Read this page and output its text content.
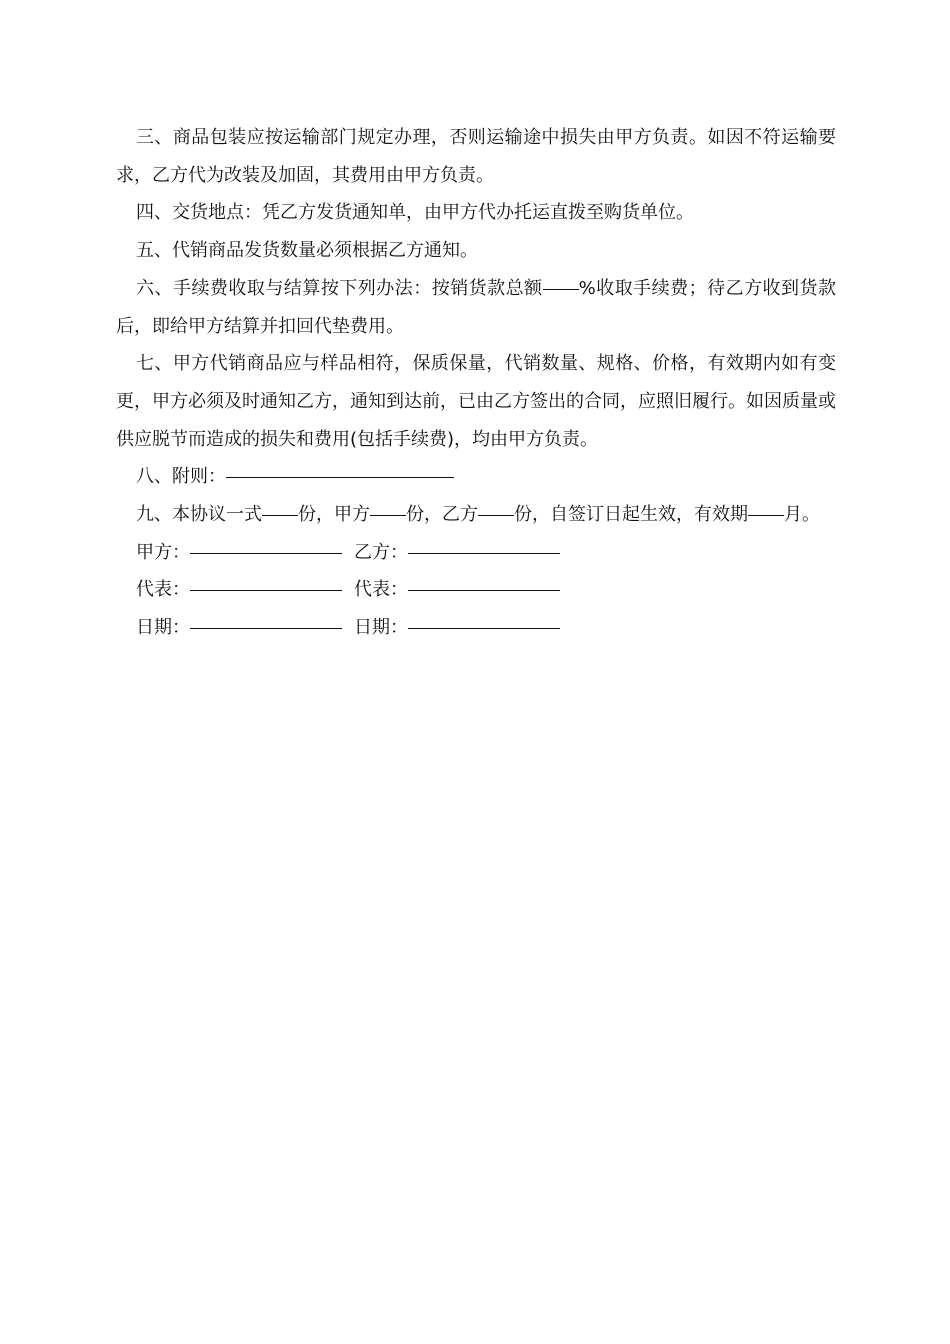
三、商品包装应按运输部门规定办理，否则运输途中损失由甲方负责。如因不符运输要求，乙方代为改装及加固，其费用由甲方负责。

四、交货地点：凭乙方发货通知单，由甲方代办托运直拨至购货单位。

五、代销商品发货数量必须根据乙方通知。

六、手续费收取与结算按下列办法：按销货款总额 %收取手续费；待乙方收到货款后，即给甲方结算并扣回代垫费用。

七、甲方代销商品应与样品相符，保质保量，代销数量、规格、价格，有效期内如有变更，甲方必须及时通知乙方，通知到达前，已由乙方签出的合同，应照旧履行。如因质量或供应脱节而造成的损失和费用(包括手续费)，均由甲方负责。

八、附则：

九、本协议一式 份，甲方 份，乙方 份，自签订日起生效，有效期 月。

甲方：	乙方：

代表：	代表：

日期：	日期：
